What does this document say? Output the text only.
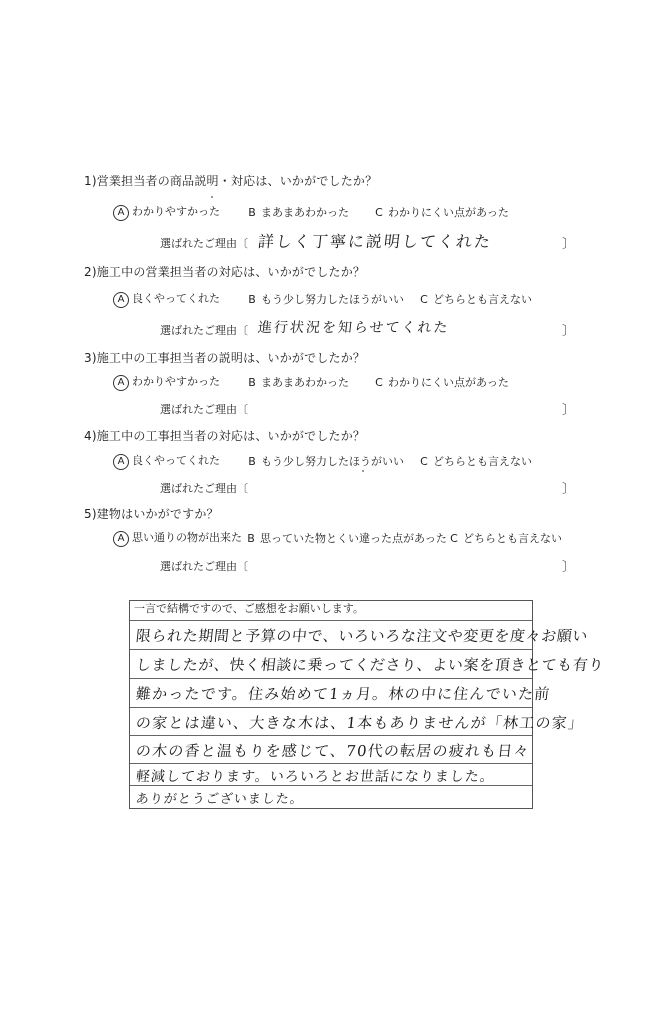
1)営業担当者の商品説明・対応は、いかがでしたか？
A わかりやすかった	B まあまあわかった C わかりにくい点があった
選ばれたご理由〔 詳しく丁寧に説明してくれた	〕
2)施工中の営業担当者の対応は、いかがでしたか？
A 良くやってくれた	B もう少し努力したほうがいい C どちらとも言えない
選ばれたご理由〔 進行状況を知らせてくれた	〕
3)施工中の工事担当者の説明は、いかがでしたか？
A わかりやすかった	B まあまあわかった C わかりにくい点があった
選ばれたご理由〔	〕
4)施工中の工事担当者の対応は、いかがでしたか？
A 良くやってくれた	B もう少し努力したほうがいい C どちらとも言えない
選ばれたご理由〔	〕
5)建物はいかがですか？
A 思い通りの物が出来た B 思っていた物とくい違った点があった C どちらとも言えない
選ばれたご理由〔	〕
一言で結構ですので、ご感想をお願いします。
限られた期間と予算の中で、いろいろな注文や変更を度々お願い
しましたが、快く相談に乗ってくださり、よい案を頂きとても有り
難かったです。住み始めて1ヵ月。林の中に住んでいた前
の家とは違い、大きな木は、1本もありませんが「林工の家」
の木の香と温もりを感じて、70代の転居の疲れも日々
軽減しております。いろいろとお世話になりました。
ありがとうございました。
